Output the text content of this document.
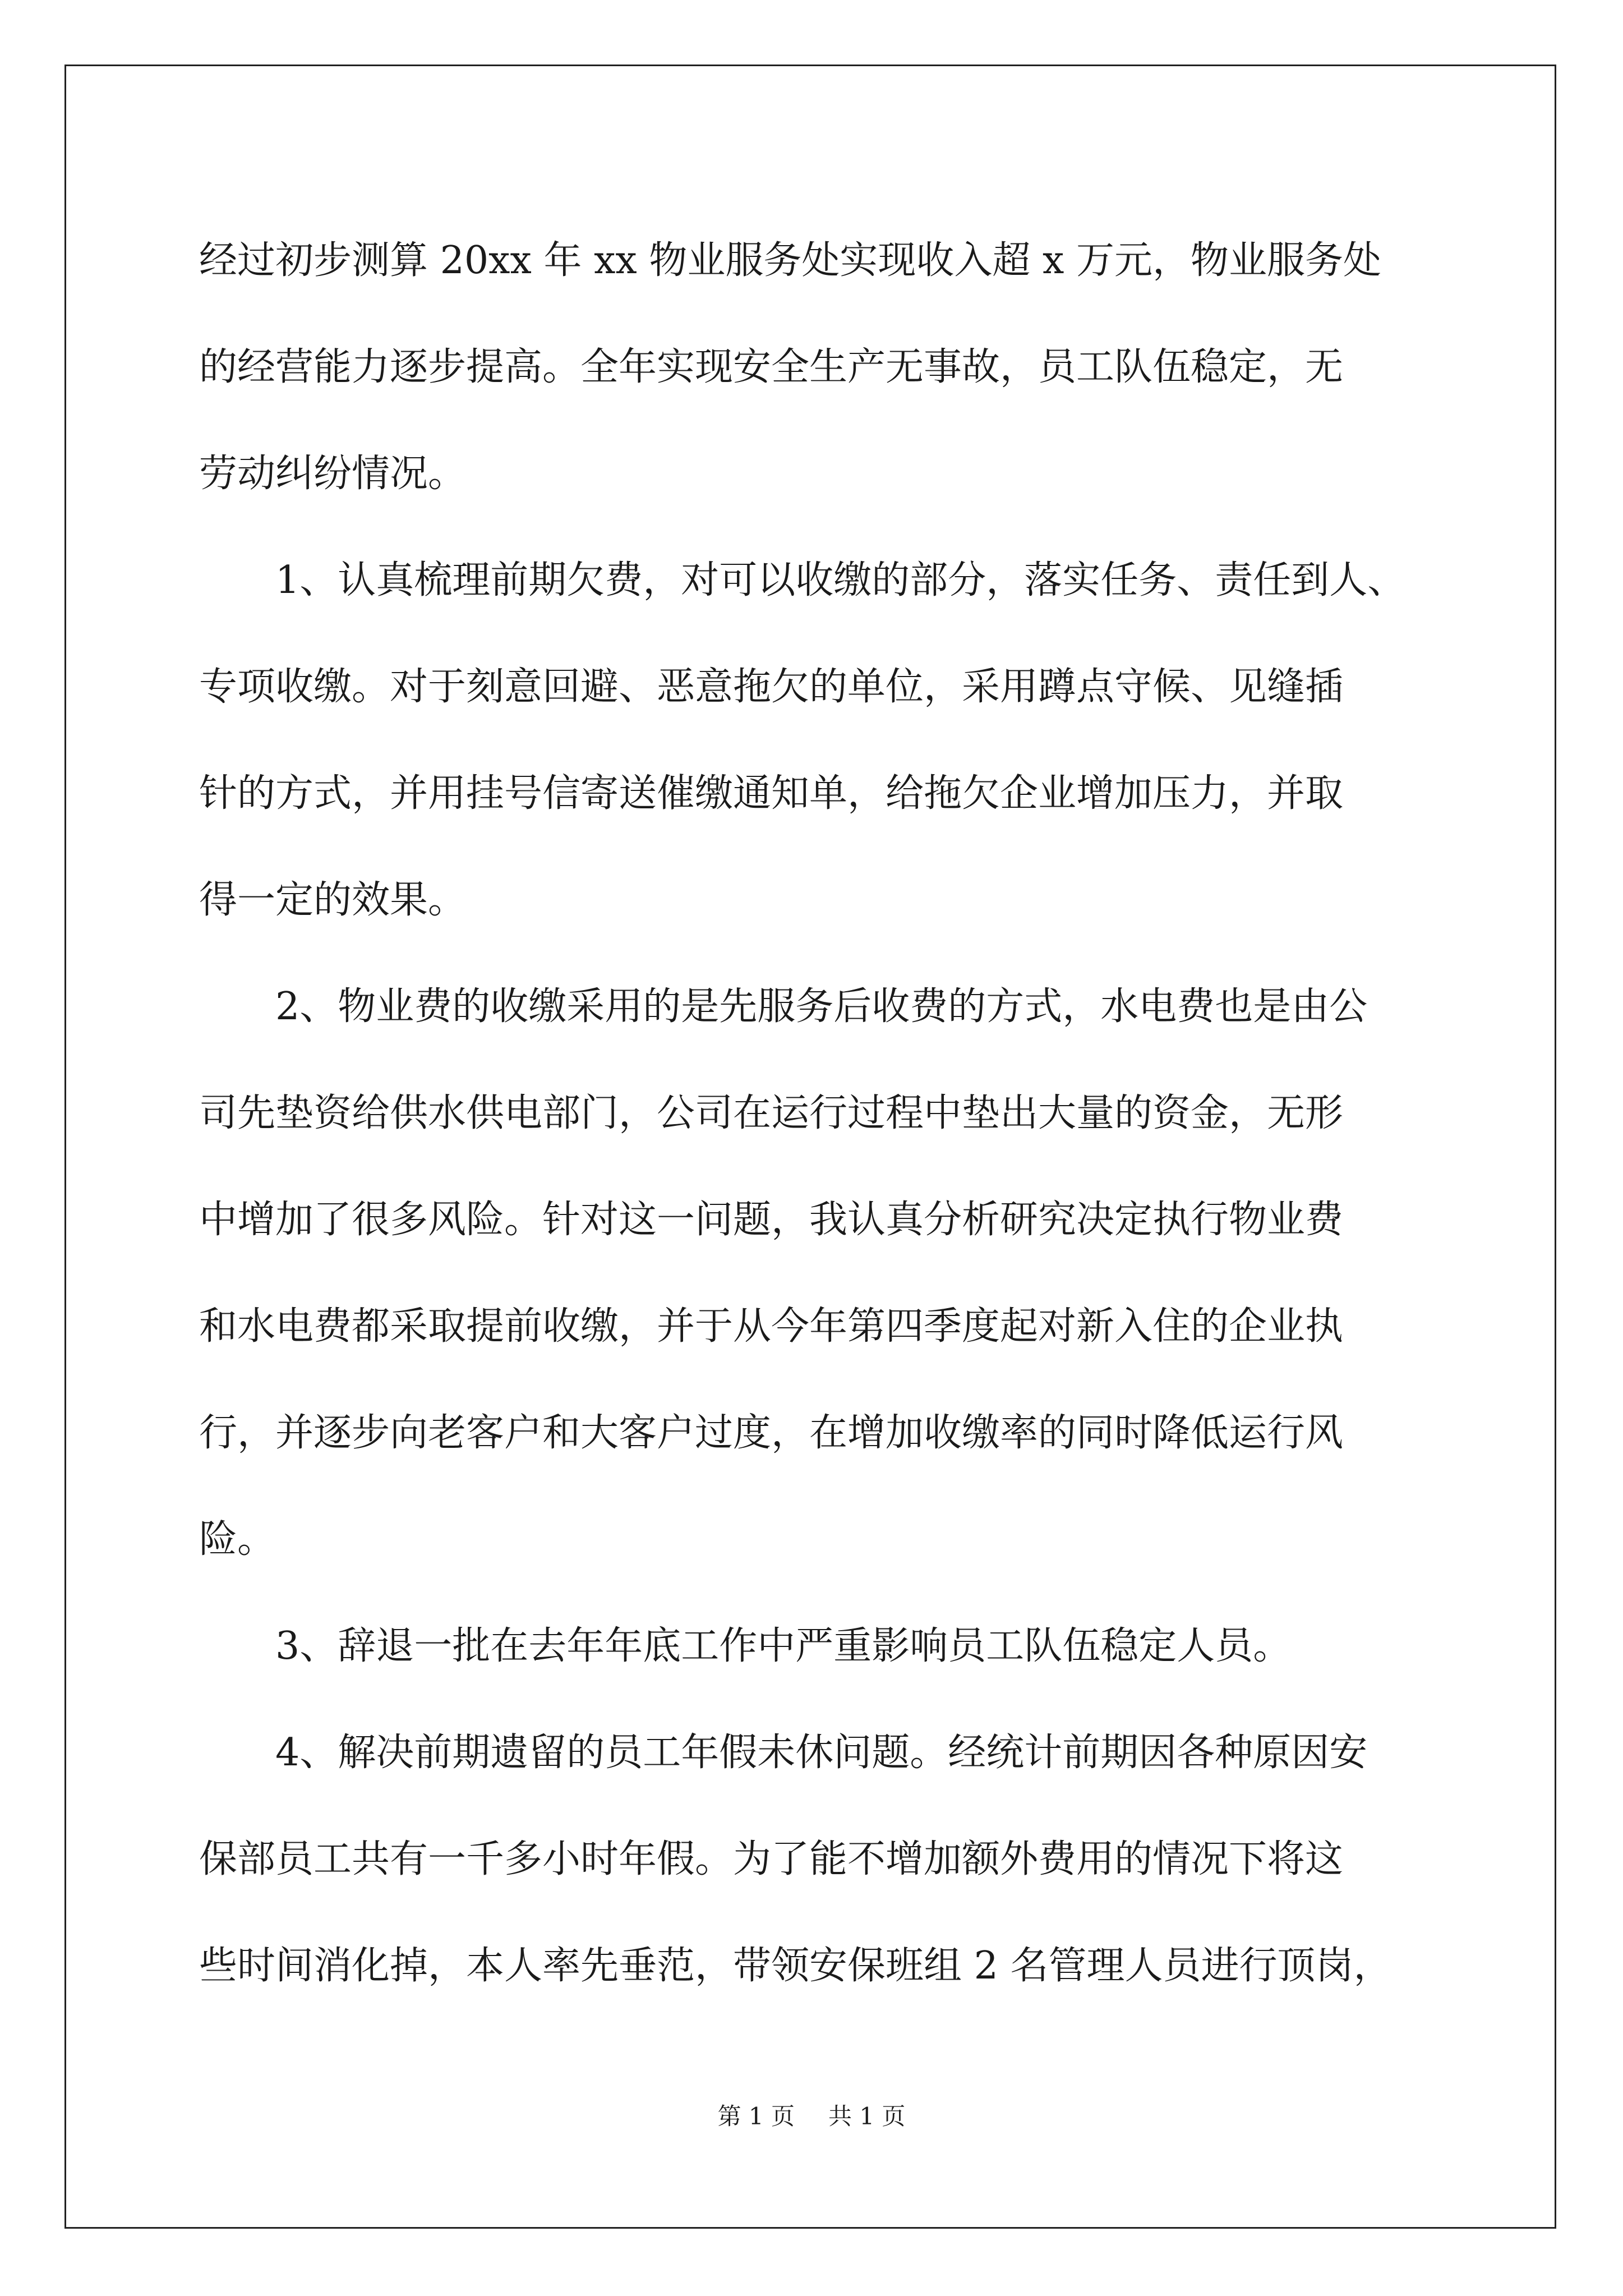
经过初步测算 20xx 年 xx 物业服务处实现收入超 x 万元，物业服务处
的经营能力逐步提高。全年实现安全生产无事故，员工队伍稳定，无
劳动纠纷情况。
1、认真梳理前期欠费，对可以收缴的部分，落实任务、责任到人、
专项收缴。对于刻意回避、恶意拖欠的单位，采用蹲点守候、见缝插
针的方式，并用挂号信寄送催缴通知单，给拖欠企业增加压力，并取
得一定的效果。
2、物业费的收缴采用的是先服务后收费的方式，水电费也是由公
司先垫资给供水供电部门，公司在运行过程中垫出大量的资金，无形
中增加了很多风险。针对这一问题，我认真分析研究决定执行物业费
和水电费都采取提前收缴，并于从今年第四季度起对新入住的企业执
行，并逐步向老客户和大客户过度，在增加收缴率的同时降低运行风
险。
3、辞退一批在去年年底工作中严重影响员工队伍稳定人员。
4、解决前期遗留的员工年假未休问题。经统计前期因各种原因安
保部员工共有一千多小时年假。为了能不增加额外费用的情况下将这
些时间消化掉，本人率先垂范，带领安保班组 2 名管理人员进行顶岗，
第 1 页 共 1 页
